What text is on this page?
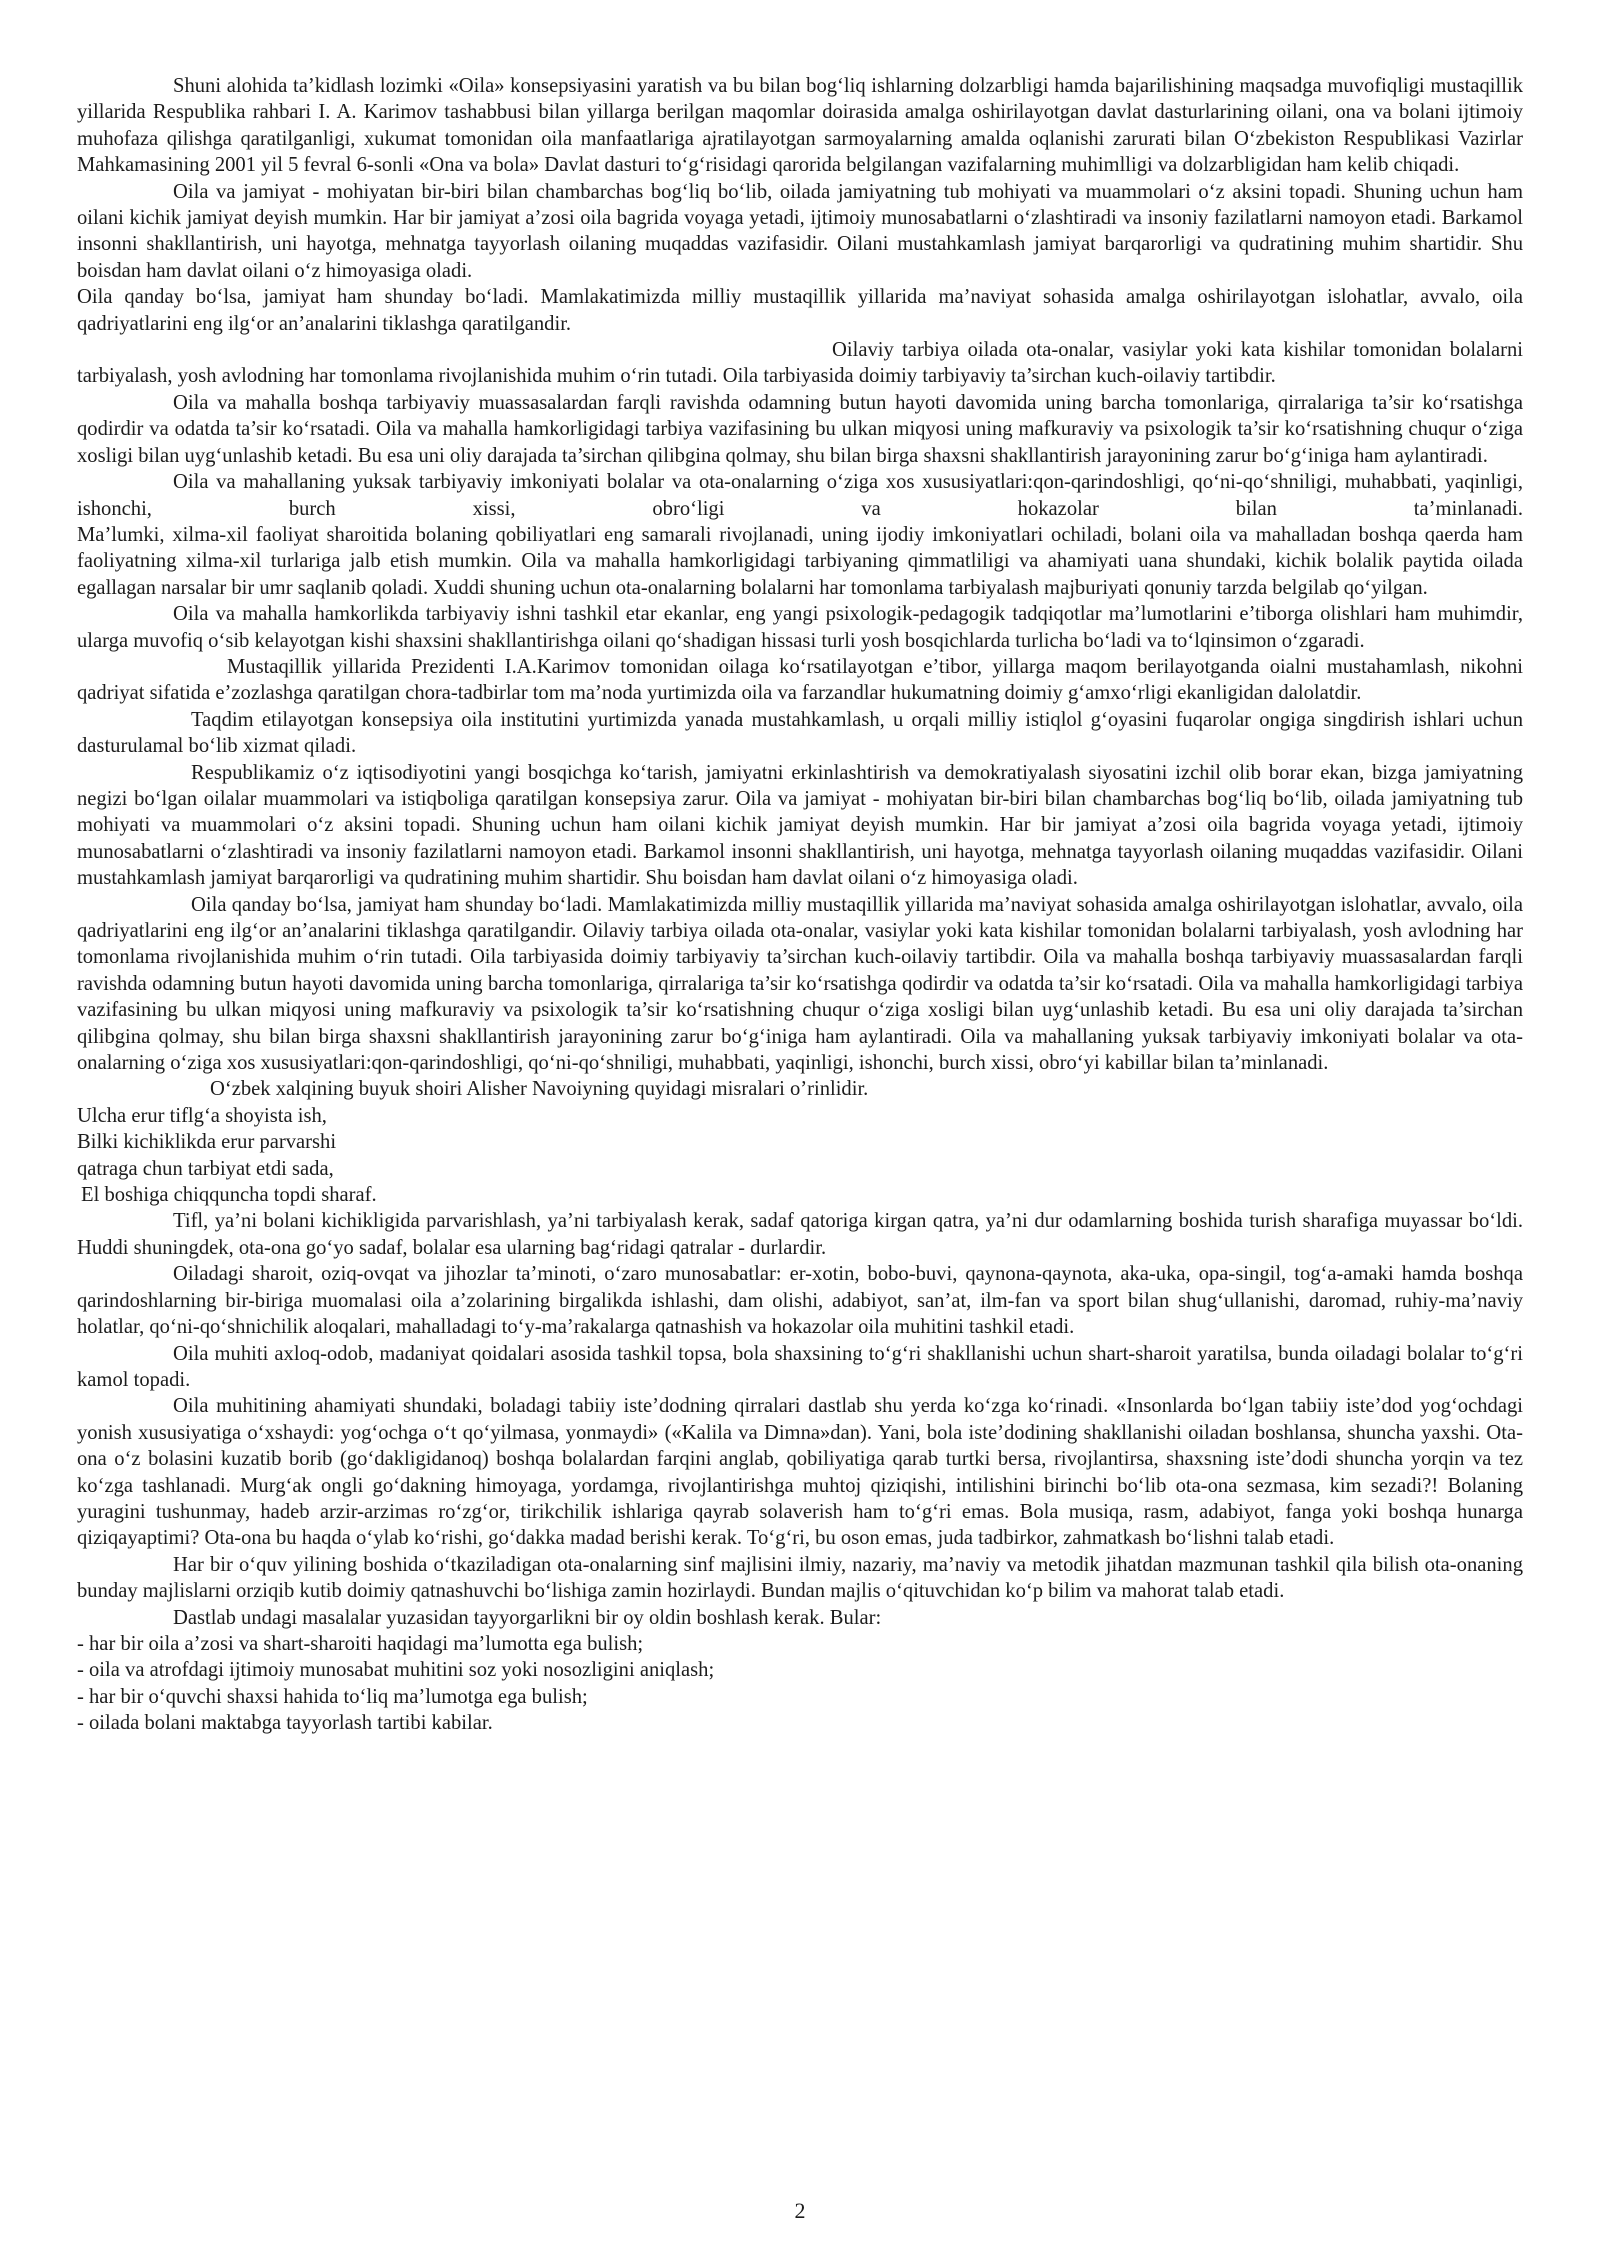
Shuni alohida ta’kidlash lozimki «Oila» konsepsiyasini yaratish va bu bilan bog‘liq ishlarning dolzarbligi hamda bajarilishining maqsadga muvofiqligi mustaqillik yillarida Respublika rahbari I. A. Karimov tashabbusi bilan yillarga berilgan maqomlar doirasida amalga oshirilayotgan davlat dasturlarining oilani, ona va bolani ijtimoiy muhofaza qilishga qaratilganligi, xukumat tomonidan oila manfaatlariga ajratilayotgan sarmoyalarning amalda oqlanishi zarurati bilan O‘zbekiston Respublikasi Vazirlar Mahkamasining 2001 yil 5 fevral 6-sonli «Ona va bola» Davlat dasturi to‘g‘risidagi qarorida belgilangan vazifalarning muhimlligi va dolzarbligidan ham kelib chiqadi.

Oila va jamiyat - mohiyatan bir-biri bilan chambarchas bog‘liq bo‘lib, oilada jamiyatning tub mohiyati va muammolari o‘z aksini topadi. Shuning uchun ham oilani kichik jamiyat deyish mumkin. Har bir jamiyat a’zosi oila bagrida voyaga yetadi, ijtimoiy munosabatlarni o‘zlashtiradi va insoniy fazilatlarni namoyon etadi. Barkamol insonni shakllantirish, uni hayotga, mehnatga tayyorlash oilaning muqaddas vazifasidir. Oilani mustahkamlash jamiyat barqarorligi va qudratining muhim shartidir. Shu boisdan ham davlat oilani o‘z himoyasiga oladi.

Oila qanday bo‘lsa, jamiyat ham shunday bo‘ladi. Mamlakatimizda milliy mustaqillik yillarida ma’naviyat sohasida amalga oshirilayotgan islohatlar, avvalo, oila qadriyatlarini eng ilg‘or an’analarini tiklashga qaratilgandir.

Oilaviy tarbiya oilada ota-onalar, vasiylar yoki kata kishilar tomonidan bolalarni tarbiyalash, yosh avlodning har tomonlama rivojlanishida muhim o‘rin tutadi. Oila tarbiyasida doimiy tarbiyaviy ta’sirchan kuch-oilaviy tartibdir.

Oila va mahalla boshqa tarbiyaviy muassasalardan farqli ravishda odamning butun hayoti davomida uning barcha tomonlariga, qirralariga ta’sir ko‘rsatishga qodirdir va odatda ta’sir ko‘rsatadi. Oila va mahalla hamkorligidagi tarbiya vazifasining bu ulkan miqyosi uning mafkuraviy va psixologik ta’sir ko‘rsatishning chuqur o‘ziga xosligi bilan uyg‘unlashib ketadi. Bu esa uni oliy darajada ta’sirchan qilibgina qolmay, shu bilan birga shaxsni shakllantirish jarayonining zarur bo‘g‘iniga ham aylantiradi.

Oila va mahallaning yuksak tarbiyaviy imkoniyati bolalar va ota-onalarning o‘ziga xos xususiyatlari:qon-qarindoshligi, qo‘ni-qo‘shniligi, muhabbati, yaqinligi, ishonchi, burch xissi, obro‘ligi va hokazolar bilan ta’minlanadi.

Ma’lumki, xilma-xil faoliyat sharoitida bolaning qobiliyatlari eng samarali rivojlanadi, uning ijodiy imkoniyatlari ochiladi, bolani oila va mahalladan boshqa qaerda ham faoliyatning xilma-xil turlariga jalb etish mumkin. Oila va mahalla hamkorligidagi tarbiyaning qimmatliligi va ahamiyati uana shundaki, kichik bolalik paytida oilada egallagan narsalar bir umr saqlanib qoladi. Xuddi shuning uchun ota-onalarning bolalarni har tomonlama tarbiyalash majburiyati qonuniy tarzda belgilab qo‘yilgan.

Oila va mahalla hamkorlikda tarbiyaviy ishni tashkil etar ekanlar, eng yangi psixologik-pedagogik tadqiqotlar ma’lumotlarini e’tiborga olishlari ham muhimdir, ularga muvofiq o‘sib kelayotgan kishi shaxsini shakllantirishga oilani qo‘shadigan hissasi turli yosh bosqichlarda turlicha bo‘ladi va to‘lqinsimon o‘zgaradi.

Mustaqillik yillarida Prezidenti I.A.Karimov tomonidan oilaga ko‘rsatilayotgan e’tibor, yillarga maqom berilayotganda oialni mustahamlash, nikohni qadriyat sifatida e’zozlashga qaratilgan chora-tadbirlar tom ma’noda yurtimizda oila va farzandlar hukumatning doimiy g‘amxo‘rligi ekanligidan dalolatdir.

Taqdim etilayotgan konsepsiya oila institutini yurtimizda yanada mustahkamlash, u orqali milliy istiqlol g‘oyasini fuqarolar ongiga singdirish ishlari uchun dasturulamal bo‘lib xizmat qiladi.

Respublikamiz o‘z iqtisodiyotini yangi bosqichga ko‘tarish, jamiyatni erkinlashtirish va demokratiyalash siyosatini izchil olib borar ekan, bizga jamiyatning negizi bo‘lgan oilalar muammolari va istiqboliga qaratilgan konsepsiya zarur. Oila va jamiyat - mohiyatan bir-biri bilan chambarchas bog‘liq bo‘lib, oilada jamiyatning tub mohiyati va muammolari o‘z aksini topadi. Shuning uchun ham oilani kichik jamiyat deyish mumkin. Har bir jamiyat a’zosi oila bagrida voyaga yetadi, ijtimoiy munosabatlarni o‘zlashtiradi va insoniy fazilatlarni namoyon etadi. Barkamol insonni shakllantirish, uni hayotga, mehnatga tayyorlash oilaning muqaddas vazifasidir. Oilani mustahkamlash jamiyat barqarorligi va qudratining muhim shartidir. Shu boisdan ham davlat oilani o‘z himoyasiga oladi.

Oila qanday bo‘lsa, jamiyat ham shunday bo‘ladi. Mamlakatimizda milliy mustaqillik yillarida ma’naviyat sohasida amalga oshirilayotgan islohatlar, avvalo, oila qadriyatlarini eng ilg‘or an’analarini tiklashga qaratilgandir. Oilaviy tarbiya oilada ota-onalar, vasiylar yoki kata kishilar tomonidan bolalarni tarbiyalash, yosh avlodning har tomonlama rivojlanishida muhim o‘rin tutadi. Oila tarbiyasida doimiy tarbiyaviy ta’sirchan kuch-oilaviy tartibdir. Oila va mahalla boshqa tarbiyaviy muassasalardan farqli ravishda odamning butun hayoti davomida uning barcha tomonlariga, qirralariga ta’sir ko‘rsatishga qodirdir va odatda ta’sir ko‘rsatadi. Oila va mahalla hamkorligidagi tarbiya vazifasining bu ulkan miqyosi uning mafkuraviy va psixologik ta’sir ko‘rsatishning chuqur o‘ziga xosligi bilan uyg‘unlashib ketadi. Bu esa uni oliy darajada ta’sirchan qilibgina qolmay, shu bilan birga shaxsni shakllantirish jarayonining zarur bo‘g‘iniga ham aylantiradi. Oila va mahallaning yuksak tarbiyaviy imkoniyati bolalar va ota-onalarning o‘ziga xos xususiyatlari:qon-qarindoshligi, qo‘ni-qo‘shniligi, muhabbati, yaqinligi, ishonchi, burch xissi, obro‘yi kabillar bilan ta’minlanadi.

O‘zbek xalqining buyuk shoiri Alisher Navoiyning quyidagi misralari o’rinlidir.

Ulcha erur tiflg‘a shoyista ish,

Bilki kichiklikda erur parvarshi

qatraga chun tarbiyat etdi sada,

El boshiga chiqquncha topdi sharaf.

Tifl, ya’ni bolani kichikligida parvarishlash, ya’ni tarbiyalash kerak, sadaf qatoriga kirgan qatra, ya’ni dur odamlarning boshida turish sharafiga muyassar bo‘ldi. Huddi shuningdek, ota-ona go‘yo sadaf, bolalar esa ularning bag‘ridagi qatralar - durlardir.

Oiladagi sharoit, oziq-ovqat va jihozlar ta’minoti, o‘zaro munosabatlar: er-xotin, bobo-buvi, qaynona-qaynota, aka-uka, opa-singil, tog‘a-amaki hamda boshqa qarindoshlarning bir-biriga muomalasi oila a’zolarining birgalikda ishlashi, dam olishi, adabiyot, san’at, ilm-fan va sport bilan shug‘ullanishi, daromad, ruhiy-ma’naviy holatlar, qo‘ni-qo‘shnichilik aloqalari, mahalladagi to‘y-ma’rakalarga qatnashish va hokazolar oila muhitini tashkil etadi.

Oila muhiti axloq-odob, madaniyat qoidalari asosida tashkil topsa, bola shaxsining to‘g‘ri shakllanishi uchun shart-sharoit yaratilsa, bunda oiladagi bolalar to‘g‘ri kamol topadi.

Oila muhitining ahamiyati shundaki, boladagi tabiiy iste’dodning qirralari dastlab shu yerda ko‘zga ko‘rinadi. «Insonlarda bo‘lgan tabiiy iste’dod yog‘ochdagi yonish xususiyatiga o‘xshaydi: yog‘ochga o‘t qo‘yilmasa, yonmaydi» («Kalila va Dimna»dan). Yani, bola iste’dodining shakllanishi oiladan boshlansa, shuncha yaxshi. Ota-ona o‘z bolasini kuzatib borib (go‘dakligidanoq) boshqa bolalardan farqini anglab, qobiliyatiga qarab turtki bersa, rivojlantirsa, shaxsning iste’dodi shuncha yorqin va tez ko‘zga tashlanadi. Murg‘ak ongli go‘dakning himoyaga, yordamga, rivojlantirishga muhtoj qiziqishi, intilishini birinchi bo‘lib ota-ona sezmasa, kim sezadi?! Bolaning yuragini tushunmay, hadeb arzir-arzimas ro‘zg‘or, tirikchilik ishlariga qayrab solaverish ham to‘g‘ri emas. Bola musiqa, rasm, adabiyot, fanga yoki boshqa hunarga qiziqayaptimi? Ota-ona bu haqda o‘ylab ko‘rishi, go‘dakka madad berishi kerak. To‘g‘ri, bu oson emas, juda tadbirkor, zahmatkash bo‘lishni talab etadi.

Har bir o‘quv yilining boshida o‘tkaziladigan ota-onalarning sinf majlisini ilmiy, nazariy, ma’naviy va metodik jihatdan mazmunan tashkil qila bilish ota-onaning bunday majlislarni orziqib kutib doimiy qatnashuvchi bo‘lishiga zamin hozirlaydi. Bundan majlis o‘qituvchidan ko‘p bilim va mahorat talab etadi.

Dastlab undagi masalalar yuzasidan tayyorgarlikni bir oy oldin boshlash kerak. Bular:

- har bir oila a’zosi va shart-sharoiti haqidagi ma’lumotta ega bulish;

- oila va atrofdagi ijtimoiy munosabat muhitini soz yoki nosozligini aniqlash;

- har bir o‘quvchi shaxsi hahida to‘liq ma’lumotga ega bulish;

- oilada bolani maktabga tayyorlash tartibi kabilar.

2
